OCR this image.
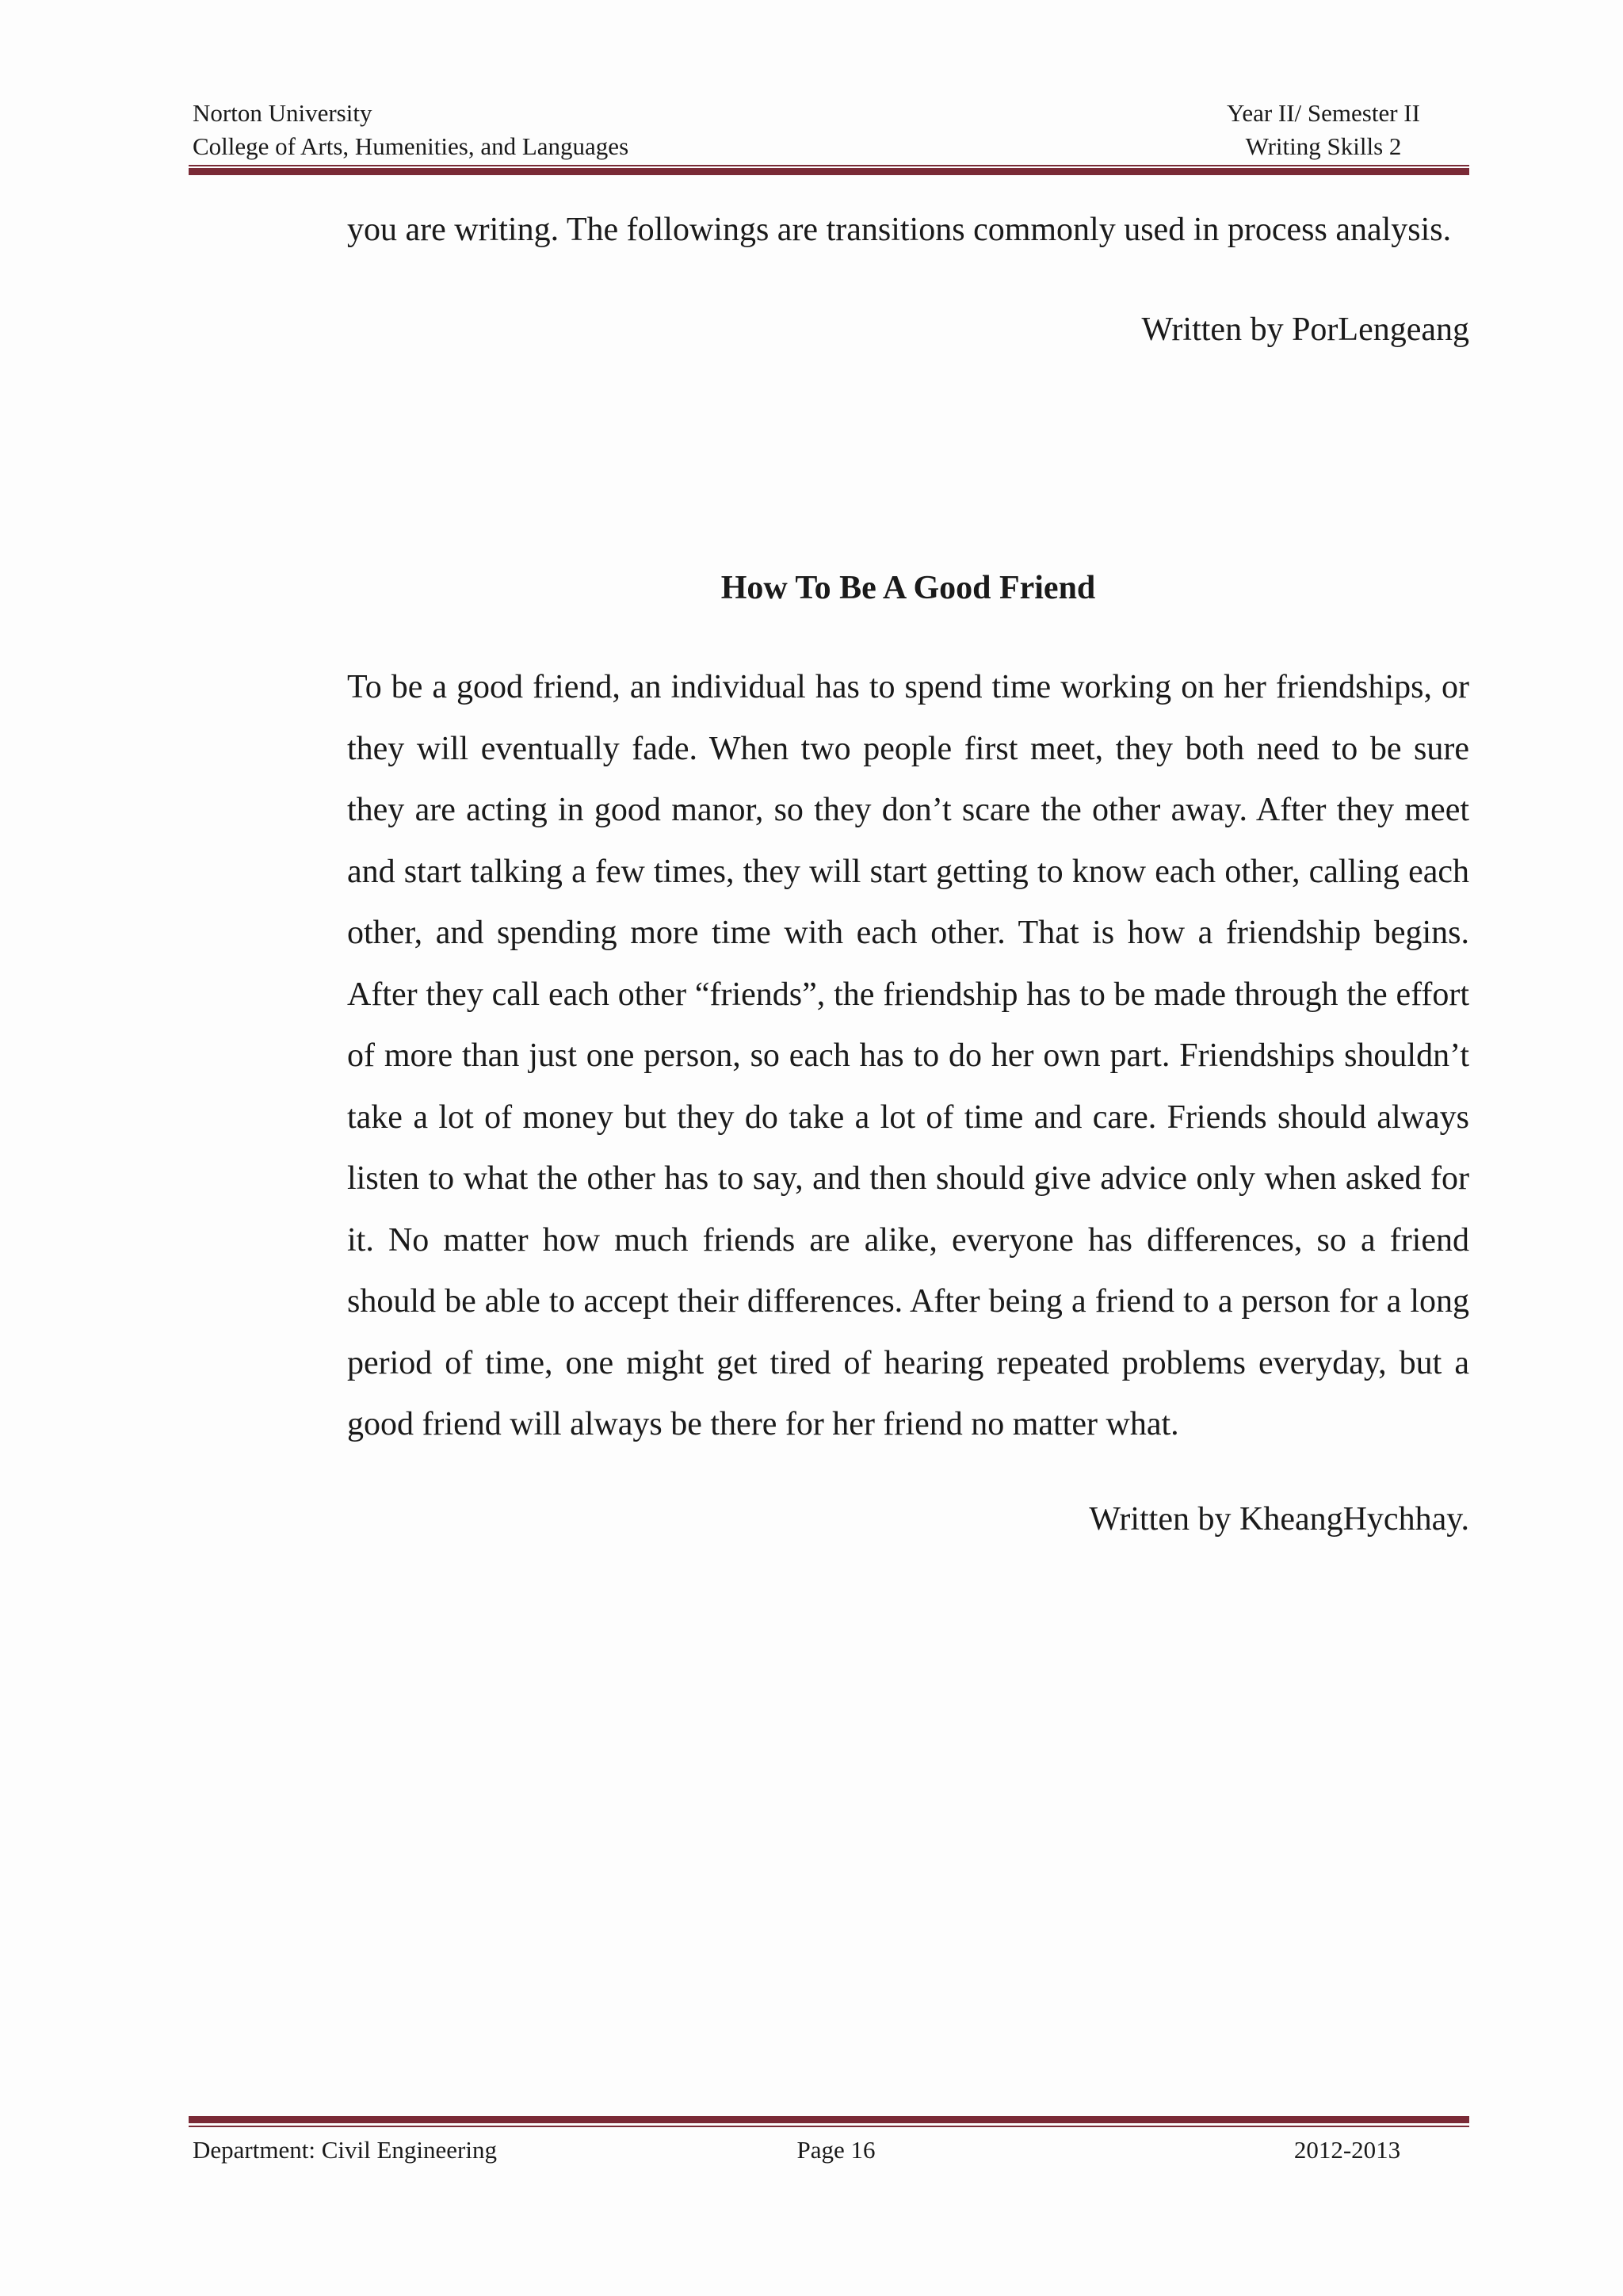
Norton University
College of Arts, Humenities, and Languages
Year II/ Semester II
Writing Skills 2

you are writing. The followings are transitions commonly used in process analysis.

Written by PorLengeang

How To Be A Good Friend

To be a good friend, an individual has to spend time working on her friendships, or they will eventually fade. When two people first meet, they both need to be sure they are acting in good manor, so they don’t scare the other away. After they meet and start talking a few times, they will start getting to know each other, calling each other, and spending more time with each other. That is how a friendship begins. After they call each other “friends”, the friendship has to be made through the effort of more than just one person, so each has to do her own part. Friendships shouldn’t take a lot of money but they do take a lot of time and care. Friends should always listen to what the other has to say, and then should give advice only when asked for it. No matter how much friends are alike, everyone has differences, so a friend should be able to accept their differences. After being a friend to a person for a long period of time, one might get tired of hearing repeated problems everyday, but a good friend will always be there for her friend no matter what.

Written by KheangHychhay.

Department: Civil Engineering	Page 16	2012-2013
